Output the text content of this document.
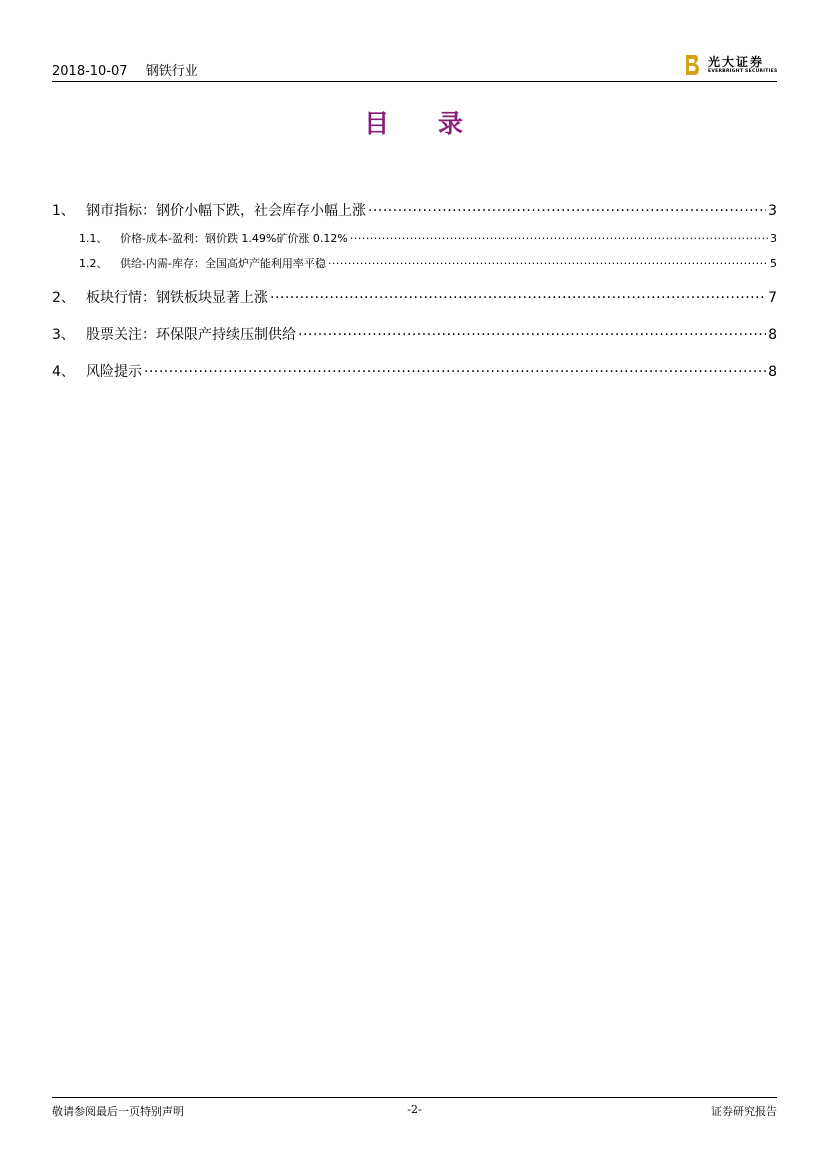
2018-10-07 钢铁行业
光大证券
EVERBRIGHT SECURITIES
目 录
1、 钢市指标：钢价小幅下跌，社会库存小幅上涨 .....	3
1.1、	价格-成本-盈利：钢价跌 1.49%矿价涨 0.12% .....	3
1.2、	供给-内需-库存：全国高炉产能利用率平稳 .....	5
2、 板块行情：钢铁板块显著上涨 .....	7
3、 股票关注：环保限产持续压制供给 .....	8
4、 风险提示 .....	8
敬请参阅最后一页特别声明	-2-	证券研究报告
